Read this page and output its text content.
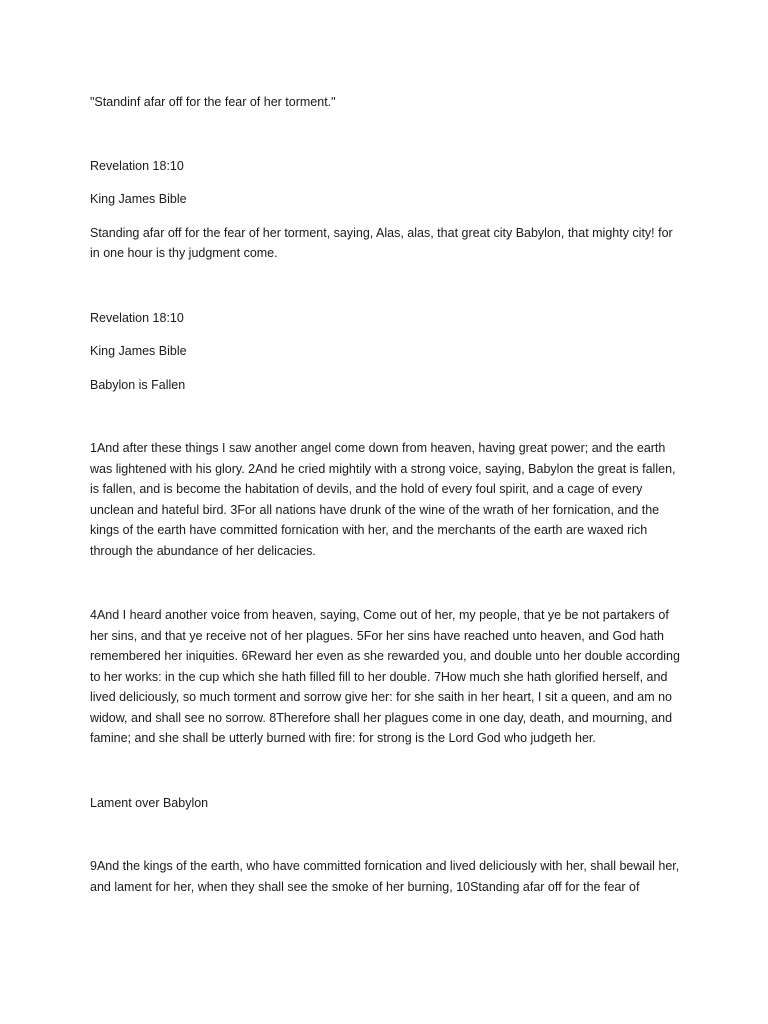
"Standinf afar off for the fear of her torment."

Revelation 18:10

King James Bible

Standing afar off for the fear of her torment, saying, Alas, alas, that great city Babylon, that mighty city! for in one hour is thy judgment come.

Revelation 18:10

King James Bible

Babylon is Fallen

1And after these things I saw another angel come down from heaven, having great power; and the earth was lightened with his glory. 2And he cried mightily with a strong voice, saying, Babylon the great is fallen, is fallen, and is become the habitation of devils, and the hold of every foul spirit, and a cage of every unclean and hateful bird. 3For all nations have drunk of the wine of the wrath of her fornication, and the kings of the earth have committed fornication with her, and the merchants of the earth are waxed rich through the abundance of her delicacies.

4And I heard another voice from heaven, saying, Come out of her, my people, that ye be not partakers of her sins, and that ye receive not of her plagues. 5For her sins have reached unto heaven, and God hath remembered her iniquities. 6Reward her even as she rewarded you, and double unto her double according to her works: in the cup which she hath filled fill to her double. 7How much she hath glorified herself, and lived deliciously, so much torment and sorrow give her: for she saith in her heart, I sit a queen, and am no widow, and shall see no sorrow. 8Therefore shall her plagues come in one day, death, and mourning, and famine; and she shall be utterly burned with fire: for strong is the Lord God who judgeth her.

Lament over Babylon

9And the kings of the earth, who have committed fornication and lived deliciously with her, shall bewail her, and lament for her, when they shall see the smoke of her burning, 10Standing afar off for the fear of
